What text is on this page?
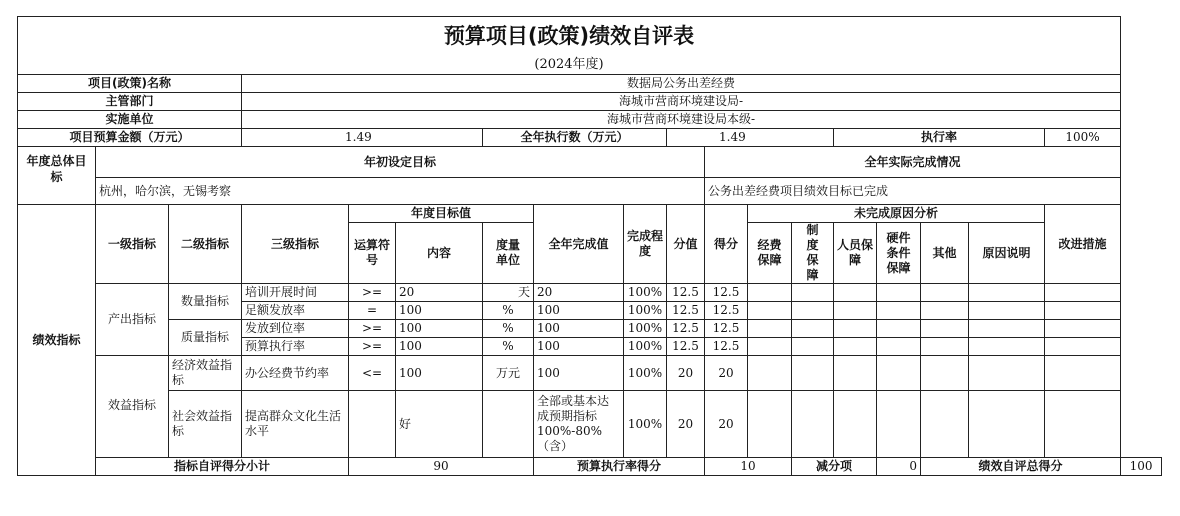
预算项目(政策)绩效自评表
(2024年度)																		

项目(政策)名称			数据局公务出差经费															
主管部门			海城市营商环境建设局-															
实施单位			海城市营商环境建设局本级-															
项目预算金额（万元）			1.49			全年执行数（万元）			1.49				执行率				100%	
年度总体目标	年初设定目标									全年实际完成情况								
	杭州，哈尔滨，无锡考察									公务出差经费项目绩效目标已完成								
绩效指标	一级指标	二级指标	三级指标	年度目标值			全年完成值	完成程度	分值	得分	未完成原因分析						改进措施	
				运算符号	内容	度量单位					经费保障	制度保障	人员保障	硬件条件保障	其他	原因说明		
	产出指标	数量指标	培训开展时间	>=	20	天	20	100%	12.5	12.5								
			足额发放率	=	100	%	100	100%	12.5	12.5								
		质量指标	发放到位率	>=	100	%	100	100%	12.5	12.5								
			预算执行率	>=	100	%	100	100%	12.5	12.5								
	效益指标	经济效益指标	办公经费节约率	<=	100	万元	100	100%	20	20								
		社会效益指标	提高群众文化生活水平		好		全部或基本达成预期指标100%-80%（含）	100%	20	20								
	指标自评得分小计			90			预算执行率得分			10		减分项		0	绩效自评总得分			100
